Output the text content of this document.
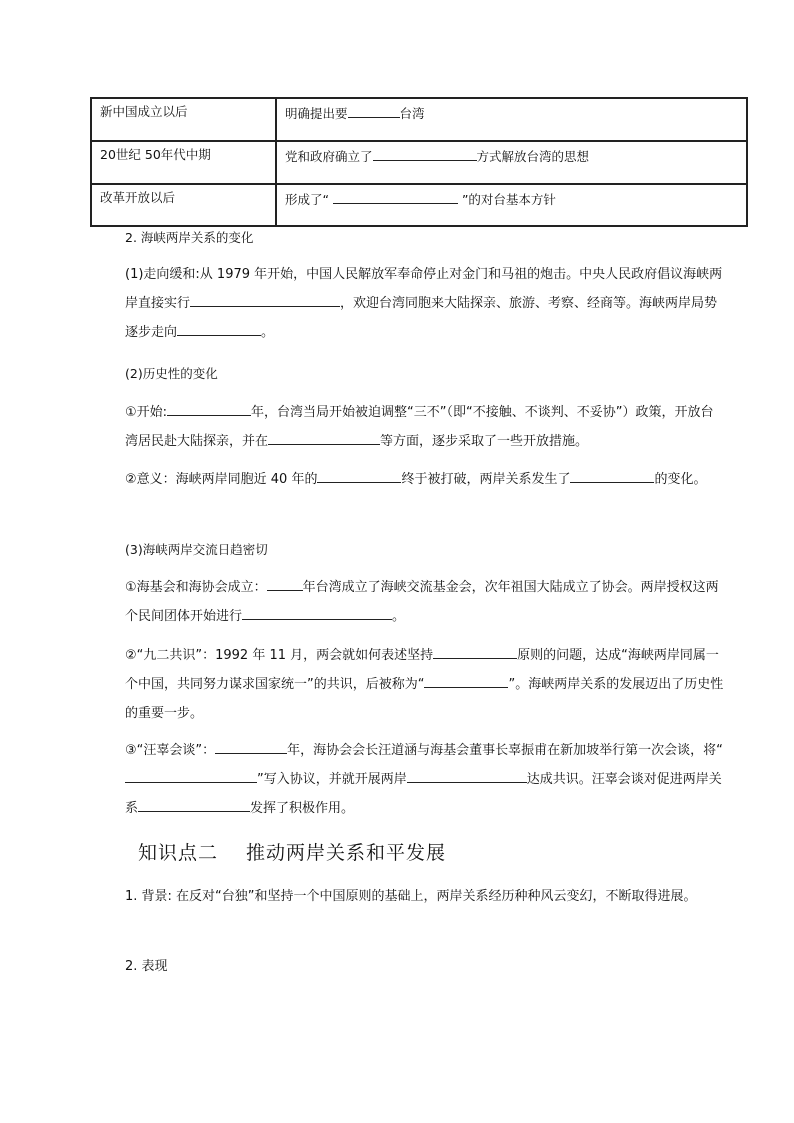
新中国成立以后	明确提出要 台湾
20世纪 50年代中期	党和政府确立了 方式解放台湾的思想
改革开放以后	形成了“ ”的对台基本方针
2. 海峡两岸关系的变化
(1)走向缓和:从 1979 年开始，中国人民解放军奉命停止对金门和马祖的炮击。中央人民政府倡议海峡两岸直接实行	，欢迎台湾同胞来大陆探亲、旅游、考察、经商等。海峡两岸局势逐步走向	。
(2)历史性的变化
①开始:	年，台湾当局开始被迫调整“三不”（即“不接触、不谈判、不妥协”）政策，开放台湾居民赴大陆探亲，并在	等方面，逐步采取了一些开放措施。
②意义：海峡两岸同胞近 40 年的	终于被打破，两岸关系发生了	的变化。
(3)海峡两岸交流日趋密切
①海基会和海协会成立：	年台湾成立了海峡交流基金会，次年祖国大陆成立了协会。两岸授权这两个民间团体开始进行	。
②“九二共识”：1992 年 11 月，两会就如何表述坚持	原则的问题，达成“海峡两岸同属一个中国，共同努力谋求国家统一”的共识，后被称为“	”。海峡两岸关系的发展迈出了历史性的重要一步。
③“汪辜会谈”：	年，海协会会长汪道涵与海基会董事长辜振甫在新加坡举行第一次会谈，将“”写入协议，并就开展两岸	达成共识。汪辜会谈对促进两岸关系	发挥了积极作用。
知识点二 推动两岸关系和平发展
1. 背景: 在反对“台独”和坚持一个中国原则的基础上，两岸关系经历种种风云变幻，不断取得进展。
2. 表现
